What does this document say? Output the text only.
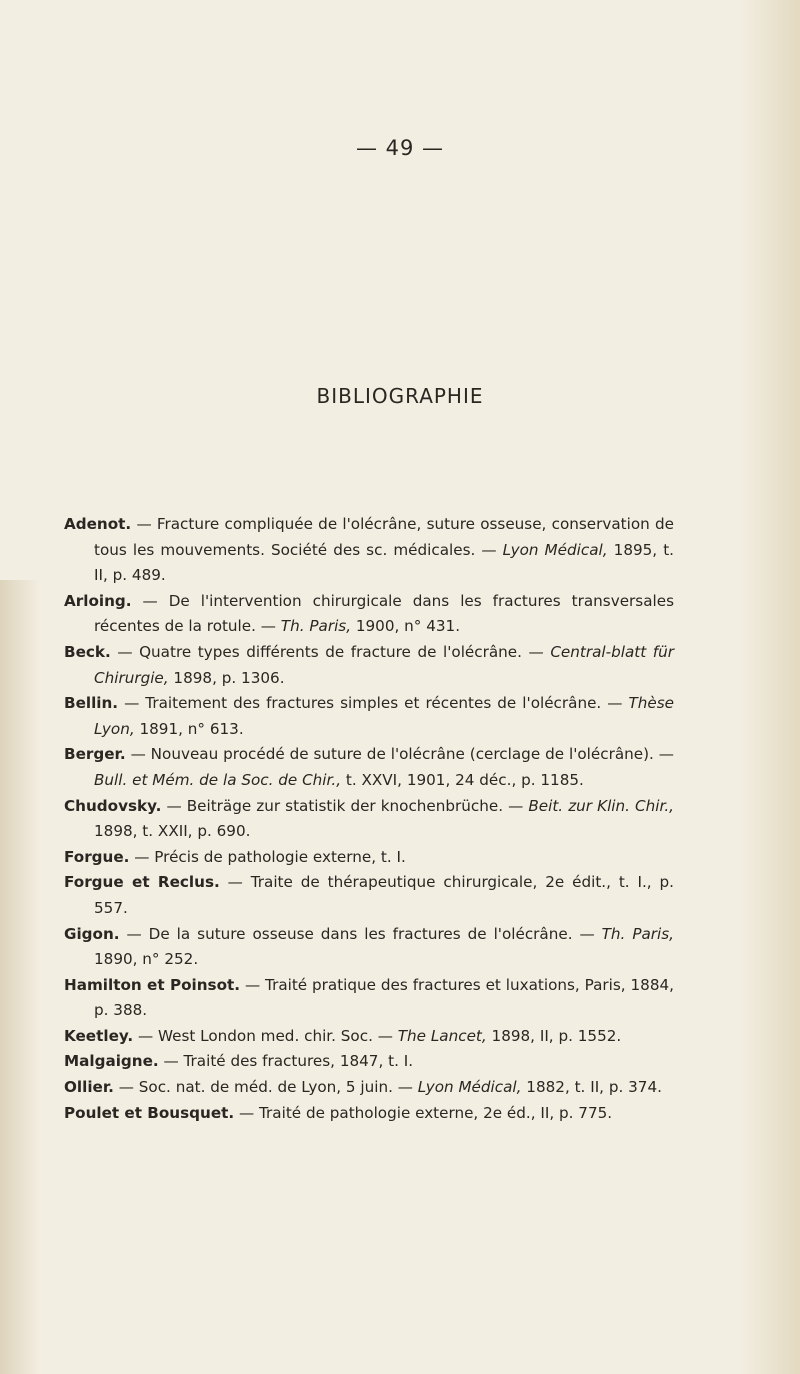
— 49 —
BIBLIOGRAPHIE

Adenot. — Fracture compliquée de l'olécrâne, suture osseuse, conservation de tous les mouvements. Société des sc. médicales. — Lyon Médical, 1895, t. II, p. 489.

Arloing. — De l'intervention chirurgicale dans les fractures transversales récentes de la rotule. — Th. Paris, 1900, n° 431.

Beck. — Quatre types différents de fracture de l'olécrâne. — Central-blatt für Chirurgie, 1898, p. 1306.

Bellin. — Traitement des fractures simples et récentes de l'olécrâne. — Thèse Lyon, 1891, n° 613.

Berger. — Nouveau procédé de suture de l'olécrâne (cerclage de l'olécrâne). — Bull. et Mém. de la Soc. de Chir., t. XXVI, 1901, 24 déc., p. 1185.

Chudovsky. — Beiträge zur statistik der knochenbrüche. — Beit. zur Klin. Chir., 1898, t. XXII, p. 690.

Forgue. — Précis de pathologie externe, t. I.

Forgue et Reclus. — Traite de thérapeutique chirurgicale, 2e édit., t. I., p. 557.

Gigon. — De la suture osseuse dans les fractures de l'olécrâne. — Th. Paris, 1890, n° 252.

Hamilton et Poinsot. — Traité pratique des fractures et luxations, Paris, 1884, p. 388.

Keetley. — West London med. chir. Soc. — The Lancet, 1898, II, p. 1552.

Malgaigne. — Traité des fractures, 1847, t. I.

Ollier. — Soc. nat. de méd. de Lyon, 5 juin. — Lyon Médical, 1882, t. II, p. 374.

Poulet et Bousquet. — Traité de pathologie externe, 2e éd., II, p. 775.
